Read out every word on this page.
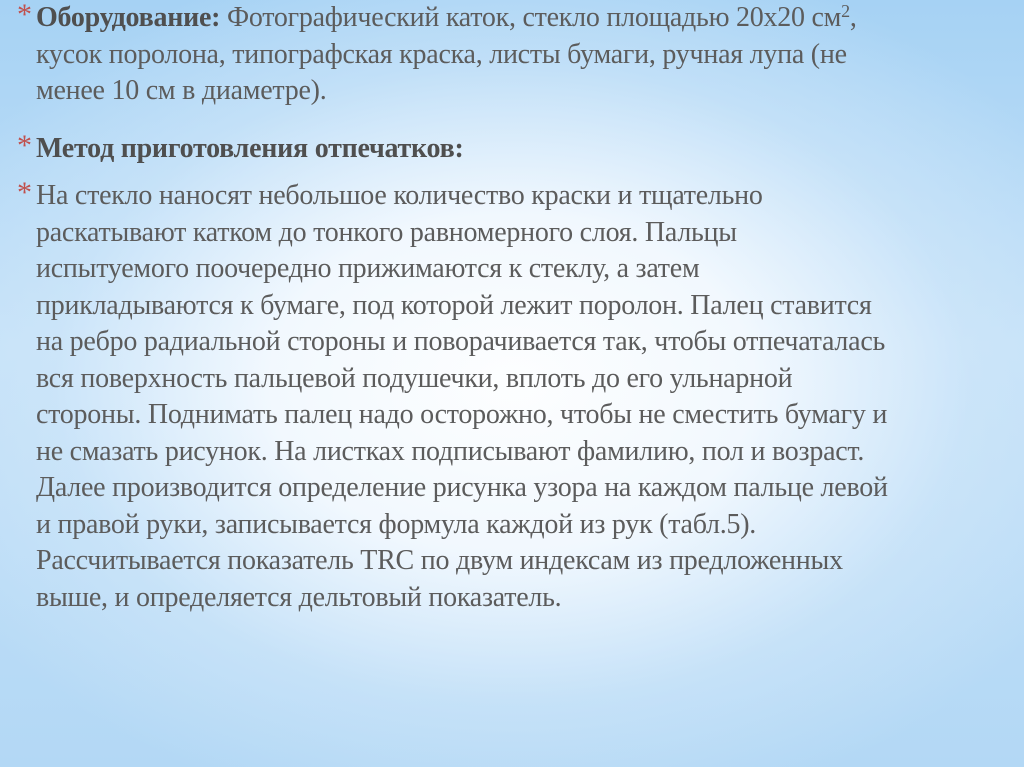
* Оборудование: Фотографический каток, стекло площадью 20х20 $см^2$,
кусок поролона, типографская краска, листы бумаги, ручная лупа (не
менее 10 см в диаметре).
* Метод приготовления отпечатков:
* На стекло наносят небольшое количество краски и тщательно
раскатывают катком до тонкого равномерного слоя. Пальцы
испытуемого поочередно прижимаются к стеклу, а затем
прикладываются к бумаге, под которой лежит поролон. Палец ставится
на ребро радиальной стороны и поворачивается так, чтобы отпечаталась
вся поверхность пальцевой подушечки, вплоть до его ульнарной
стороны. Поднимать палец надо осторожно, чтобы не сместить бумагу и
не смазать рисунок. На листках подписывают фамилию, пол и возраст.
Далее производится определение рисунка узора на каждом пальце левой
и правой руки, записывается формула каждой из рук (табл.5).
Рассчитывается показатель TRC по двум индексам из предложенных
выше, и определяется дельтовый показатель.
